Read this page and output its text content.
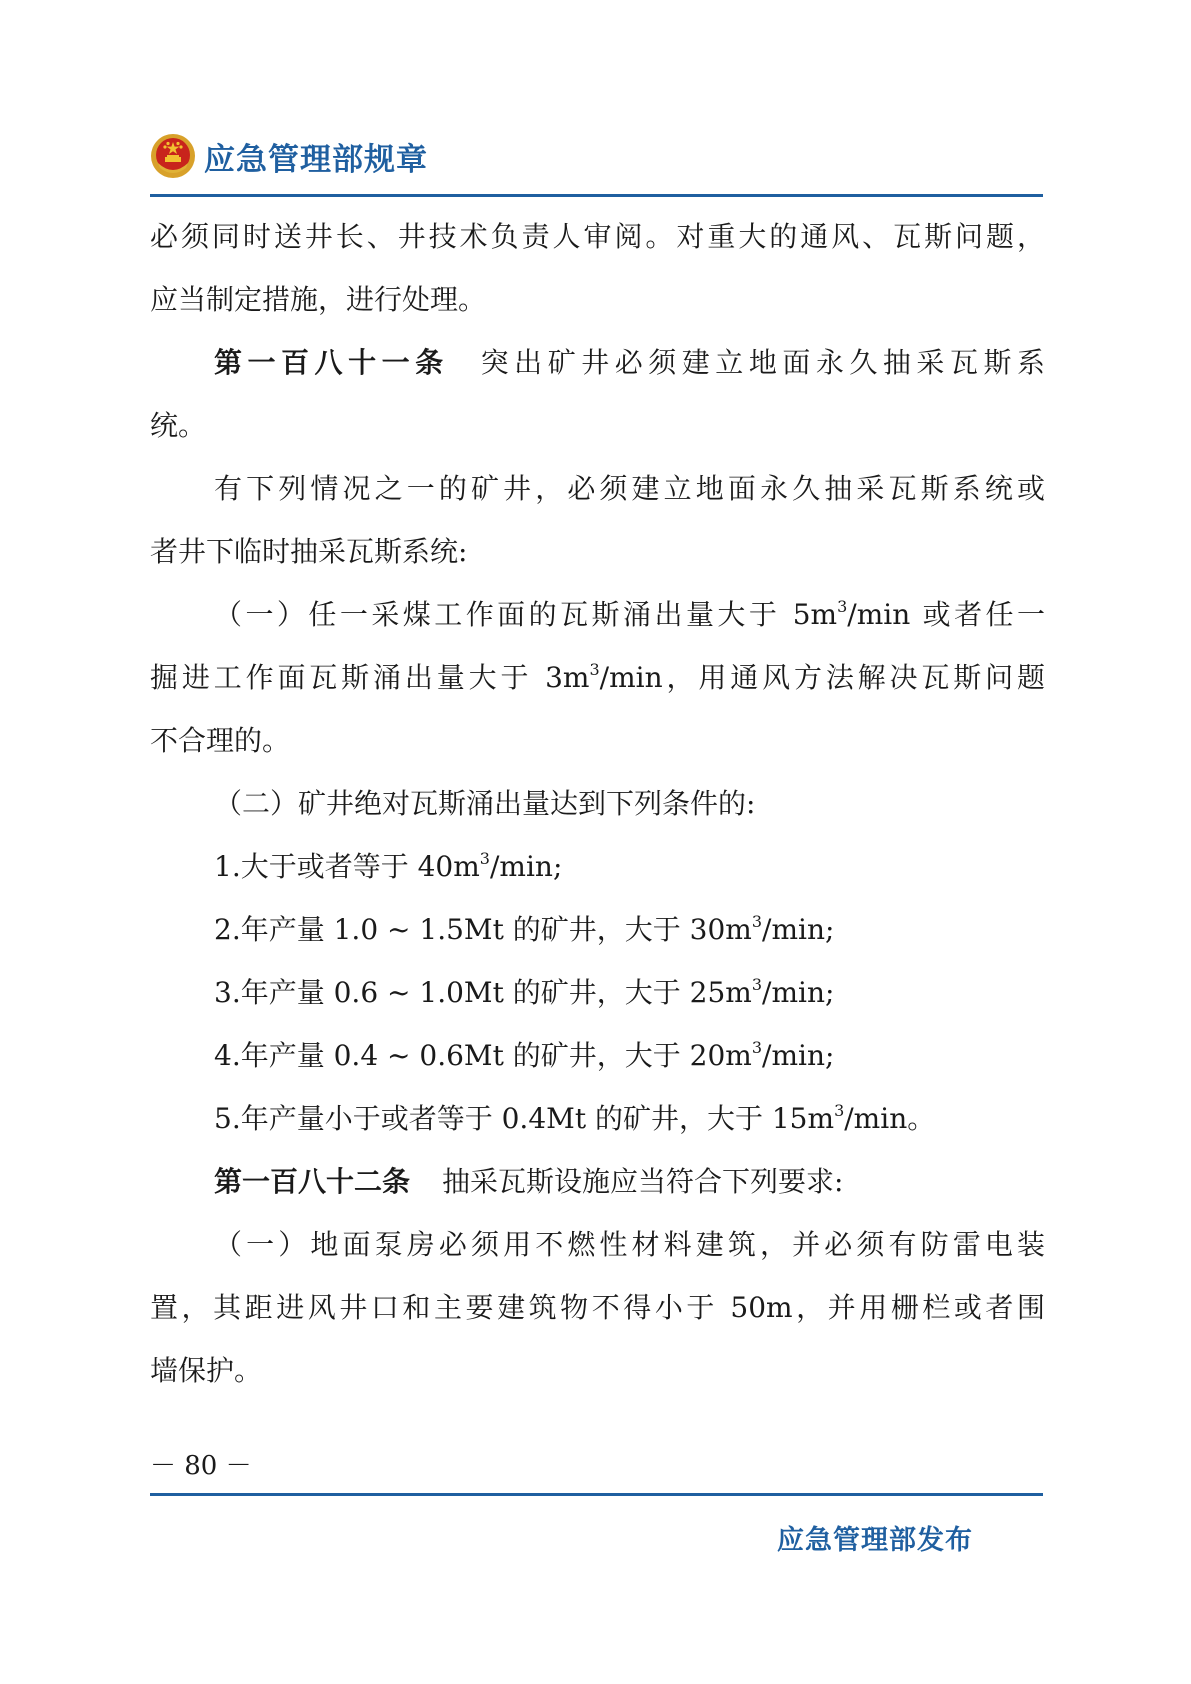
应急管理部规章
必须同时送井长、井技术负责人审阅。对重大的通风、瓦斯问题，
应当制定措施，进行处理。
第一百八十一条 突出矿井必须建立地面永久抽采瓦斯系
统。
有下列情况之一的矿井，必须建立地面永久抽采瓦斯系统或
者井下临时抽采瓦斯系统:
（一）任一采煤工作面的瓦斯涌出量大于 $5m^3/\min$ 或者任一
掘进工作面瓦斯涌出量大于 $3m^3/\min$，用通风方法解决瓦斯问题
不合理的。
（二）矿井绝对瓦斯涌出量达到下列条件的:
1.大于或者等于 $40m^3/\min$;
2.年产量 1.0 ~ 1.5Mt 的矿井，大于 $30m^3/\min$;
3.年产量 0.6 ~ 1.0Mt 的矿井，大于 $25m^3/\min$;
4.年产量 0.4 ~ 0.6Mt 的矿井，大于 $20m^3/\min$;
5.年产量小于或者等于 0.4Mt 的矿井，大于 $15m^3/\min$。
第一百八十二条 抽采瓦斯设施应当符合下列要求:
（一）地面泵房必须用不燃性材料建筑，并必须有防雷电装
置，其距进风井口和主要建筑物不得小于 50m，并用栅栏或者围
墙保护。
－ 80 －
应急管理部发布
